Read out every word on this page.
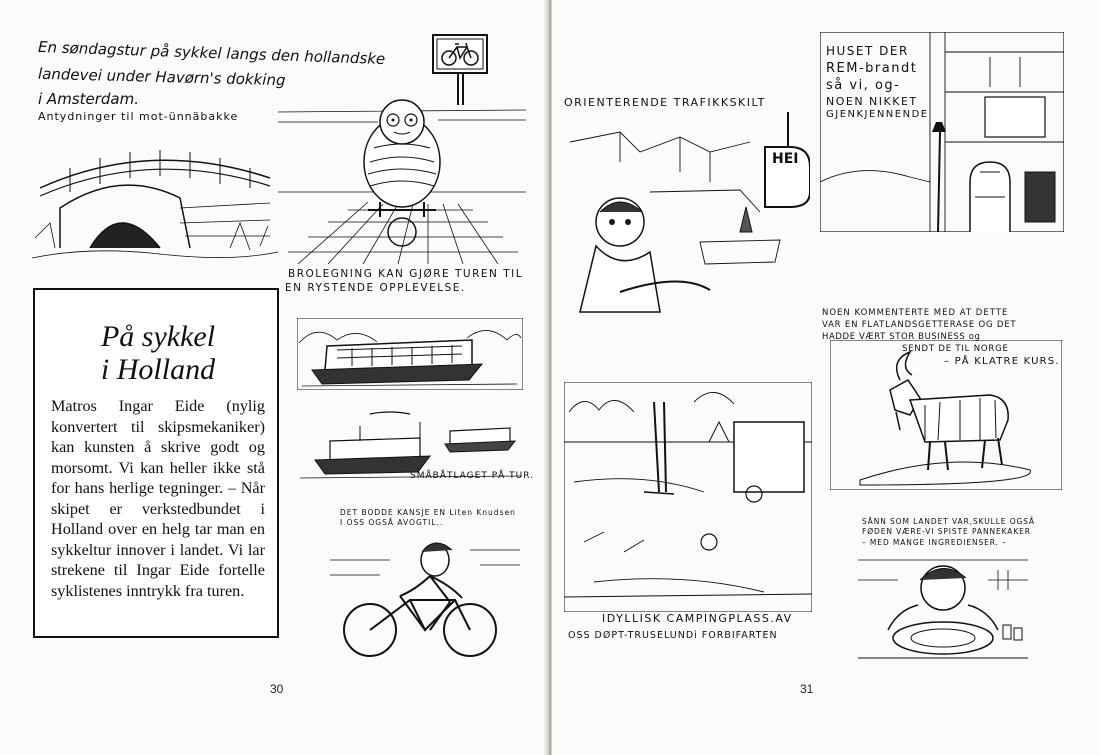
En søndagstur på sykkel langs den hollandske
landevei under Havørn's dokking
i Amsterdam.
Antydninger til mot-ünnäbakke
BROLEGNING KAN GJØRE TUREN TIL
EN RYSTENDE OPPLEVELSE.
På sykkel
i Holland

Matros Ingar Eide (nylig konvertert til skipsmekaniker) kan kunsten å skrive godt og morsomt. Vi kan heller ikke stå for hans herlige tegninger. – Når skipet er verkstedbundet i Holland over en helg tar man en sykkeltur innover i landet. Vi lar strekene til Ingar Eide fortelle syklistenes inntrykk fra turen.

SMÅBÅTLAGET PÅ TUR.
DET BODDE KANSJE EN Liten Knudsen
I OSS OGSÅ AVOGTIL..
30
ORIENTERENDE TRAFIKKSKILT
HEI
HUSET DER
REM-brandt
så vi, og-
NOEN NIKKET
GJENKJENNENDE
NOEN KOMMENTERTE MED AT DETTE
VAR EN FLATLANDSGETTERASE OG DET
HADDE VÆRT STOR BUSINESS og
SENDT DE TIL NORGE
– PÅ KLATRE KURS.
IDYLLISK CAMPINGPLASS.AV
OSS DØPT-TRUSELUNDi FORBIFARTEN
SÅNN SOM LANDET VAR,SKULLE OGSÅ
FØDEN VÆRE-VI SPISTE PANNEKAKER
– MED MANGE INGREDIENSER. –
31
